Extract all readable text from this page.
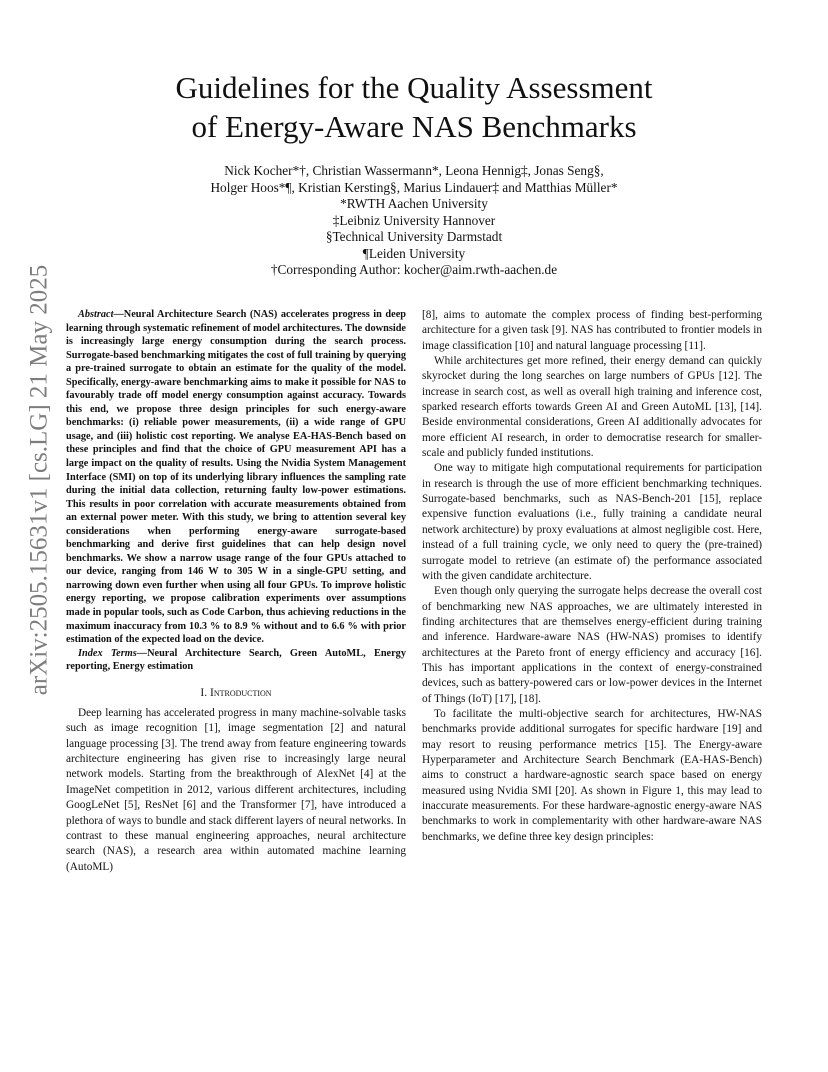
arXiv:2505.15631v1 [cs.LG] 21 May 2025
Guidelines for the Quality Assessment
of Energy-Aware NAS Benchmarks
Nick Kocher*†, Christian Wassermann*, Leona Hennig‡, Jonas Seng§,
Holger Hoos*¶, Kristian Kersting§, Marius Lindauer‡ and Matthias Müller*
*RWTH Aachen University
‡Leibniz University Hannover
§Technical University Darmstadt
¶Leiden University
†Corresponding Author: kocher@aim.rwth-aachen.de

Abstract—Neural Architecture Search (NAS) accelerates progress in deep learning through systematic refinement of model architectures. The downside is increasingly large energy consumption during the search process. Surrogate-based benchmarking mitigates the cost of full training by querying a pre-trained surrogate to obtain an estimate for the quality of the model. Specifically, energy-aware benchmarking aims to make it possible for NAS to favourably trade off model energy consumption against accuracy. Towards this end, we propose three design principles for such energy-aware benchmarks: (i) reliable power measurements, (ii) a wide range of GPU usage, and (iii) holistic cost reporting. We analyse EA-HAS-Bench based on these principles and find that the choice of GPU measurement API has a large impact on the quality of results. Using the Nvidia System Management Interface (SMI) on top of its underlying library influences the sampling rate during the initial data collection, returning faulty low-power estimations. This results in poor correlation with accurate measurements obtained from an external power meter. With this study, we bring to attention several key considerations when performing energy-aware surrogate-based benchmarking and derive first guidelines that can help design novel benchmarks. We show a narrow usage range of the four GPUs attached to our device, ranging from 146 W to 305 W in a single-GPU setting, and narrowing down even further when using all four GPUs. To improve holistic energy reporting, we propose calibration experiments over assumptions made in popular tools, such as Code Carbon, thus achieving reductions in the maximum inaccuracy from 10.3 % to 8.9 % without and to 6.6 % with prior estimation of the expected load on the device.

Index Terms—Neural Architecture Search, Green AutoML, Energy reporting, Energy estimation

I. Introduction

Deep learning has accelerated progress in many machine-solvable tasks such as image recognition [1], image segmentation [2] and natural language processing [3]. The trend away from feature engineering towards architecture engineering has given rise to increasingly large neural network models. Starting from the breakthrough of AlexNet [4] at the ImageNet competition in 2012, various different architectures, including GoogLeNet [5], ResNet [6] and the Transformer [7], have introduced a plethora of ways to bundle and stack different layers of neural networks. In contrast to these manual engineering approaches, neural architecture search (NAS), a research area within automated machine learning (AutoML)

[8], aims to automate the complex process of finding best-performing architecture for a given task [9]. NAS has contributed to frontier models in image classification [10] and natural language processing [11].

While architectures get more refined, their energy demand can quickly skyrocket during the long searches on large numbers of GPUs [12]. The increase in search cost, as well as overall high training and inference cost, sparked research efforts towards Green AI and Green AutoML [13], [14]. Beside environmental considerations, Green AI additionally advocates for more efficient AI research, in order to democratise research for smaller-scale and publicly funded institutions.

One way to mitigate high computational requirements for participation in research is through the use of more efficient benchmarking techniques. Surrogate-based benchmarks, such as NAS-Bench-201 [15], replace expensive function evaluations (i.e., fully training a candidate neural network architecture) by proxy evaluations at almost negligible cost. Here, instead of a full training cycle, we only need to query the (pre-trained) surrogate model to retrieve (an estimate of) the performance associated with the given candidate architecture.

Even though only querying the surrogate helps decrease the overall cost of benchmarking new NAS approaches, we are ultimately interested in finding architectures that are themselves energy-efficient during training and inference. Hardware-aware NAS (HW-NAS) promises to identify architectures at the Pareto front of energy efficiency and accuracy [16]. This has important applications in the context of energy-constrained devices, such as battery-powered cars or low-power devices in the Internet of Things (IoT) [17], [18].

To facilitate the multi-objective search for architectures, HW-NAS benchmarks provide additional surrogates for specific hardware [19] and may resort to reusing performance metrics [15]. The Energy-aware Hyperparameter and Architecture Search Benchmark (EA-HAS-Bench) aims to construct a hardware-agnostic search space based on energy measured using Nvidia SMI [20]. As shown in Figure 1, this may lead to inaccurate measurements. For these hardware-agnostic energy-aware NAS benchmarks to work in complementarity with other hardware-aware NAS benchmarks, we define three key design principles:
